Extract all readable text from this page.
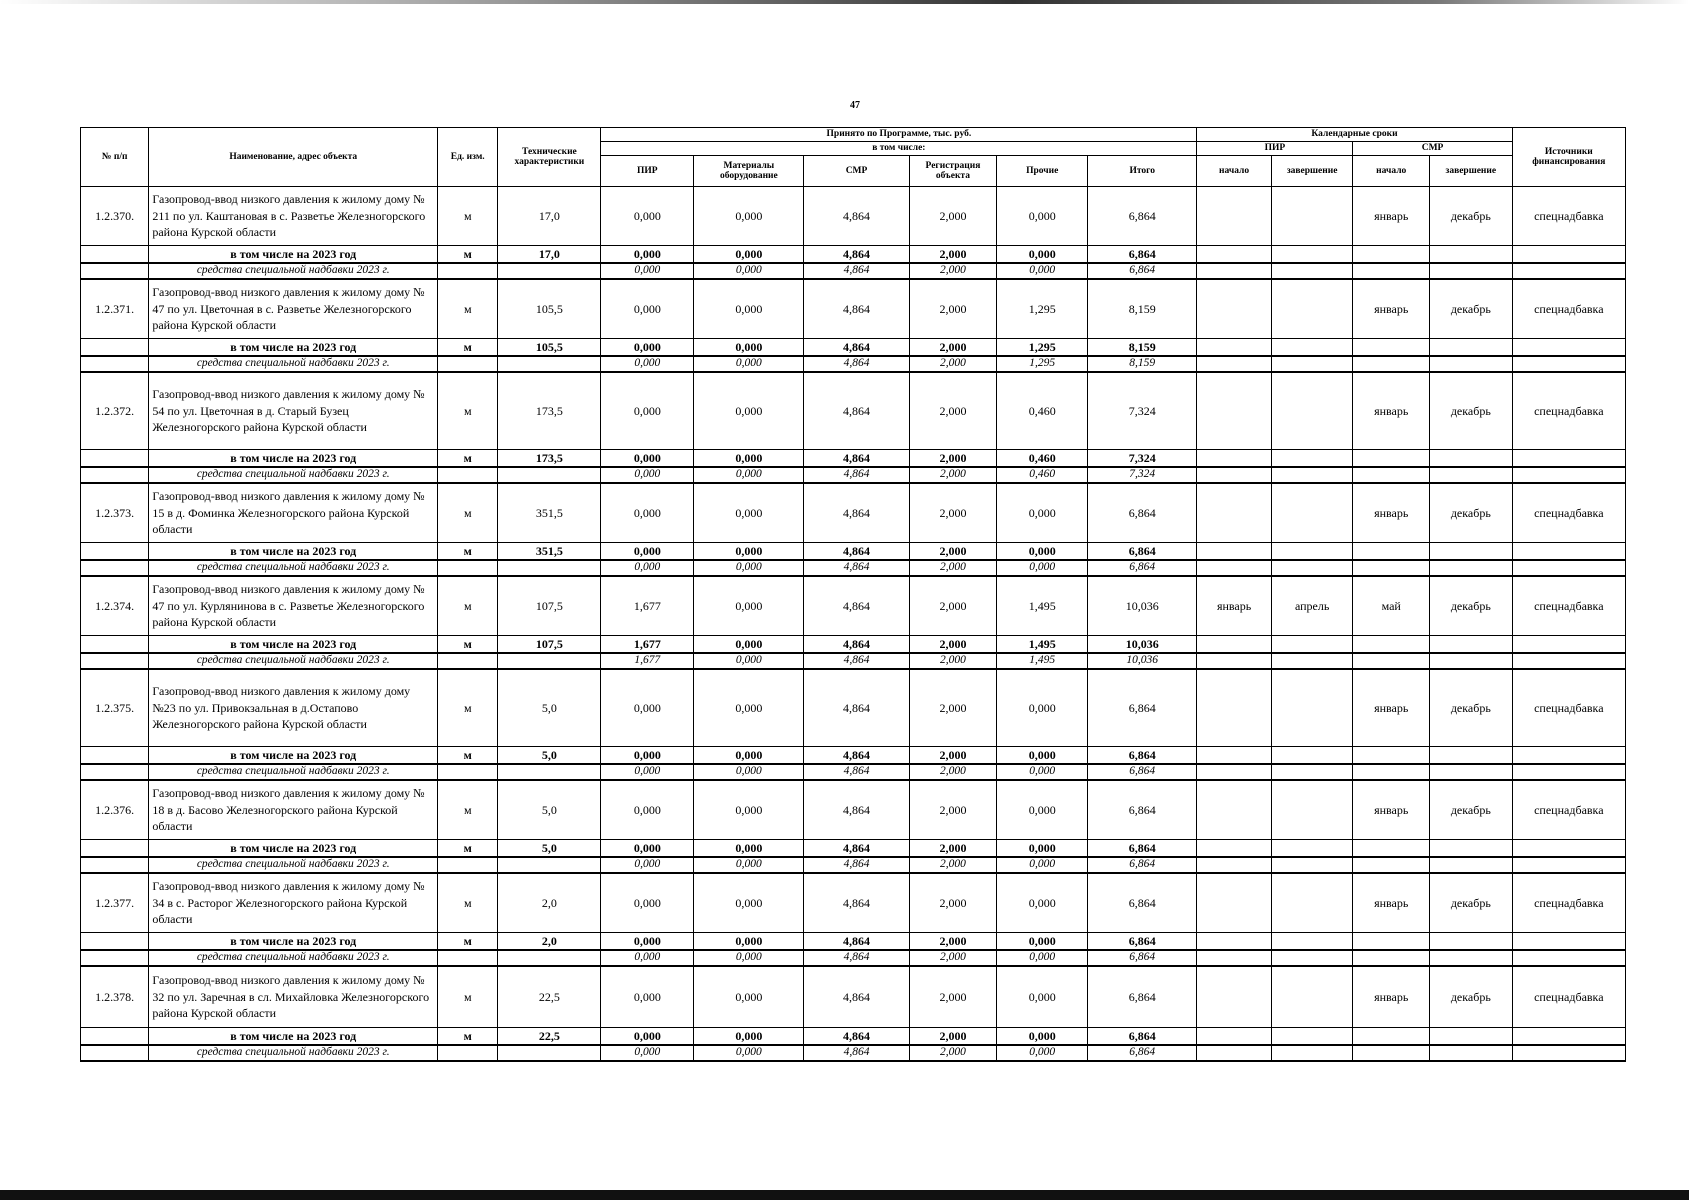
47
№ п/п	Наименование, адрес объекта	Ед. изм.	Технические характеристики	Принято по Программе, тыс. руб.						Календарные сроки				Источники финансирования
				в том числе:						ПИР		СМР		
				ПИР	Материалы оборудование	СМР	Регистрация объекта	Прочие	Итого	начало	завершение	начало	завершение	
1.2.370.	Газопровод-ввод низкого давления к жилому дому № 211 по ул. Каштановая в с. Разветье Железногорского района Курской области	м	17,0	0,000	0,000	4,864	2,000	0,000	6,864			январь	декабрь	спецнадбавка
	в том числе на 2023 год	м	17,0	0,000	0,000	4,864	2,000	0,000	6,864					
	средства специальной надбавки 2023 г.			0,000	0,000	4,864	2,000	0,000	6,864					
1.2.371.	Газопровод-ввод низкого давления к жилому дому № 47 по ул. Цветочная в с. Разветье Железногорского района Курской области	м	105,5	0,000	0,000	4,864	2,000	1,295	8,159			январь	декабрь	спецнадбавка
	в том числе на 2023 год	м	105,5	0,000	0,000	4,864	2,000	1,295	8,159					
	средства специальной надбавки 2023 г.			0,000	0,000	4,864	2,000	1,295	8,159					
1.2.372.	Газопровод-ввод низкого давления к жилому дому № 54 по ул. Цветочная в д. Старый Бузец Железногорского района Курской области	м	173,5	0,000	0,000	4,864	2,000	0,460	7,324			январь	декабрь	спецнадбавка
	в том числе на 2023 год	м	173,5	0,000	0,000	4,864	2,000	0,460	7,324					
	средства специальной надбавки 2023 г.			0,000	0,000	4,864	2,000	0,460	7,324					
1.2.373.	Газопровод-ввод низкого давления к жилому дому № 15 в д. Фоминка Железногорского района Курской области	м	351,5	0,000	0,000	4,864	2,000	0,000	6,864			январь	декабрь	спецнадбавка
	в том числе на 2023 год	м	351,5	0,000	0,000	4,864	2,000	0,000	6,864					
	средства специальной надбавки 2023 г.			0,000	0,000	4,864	2,000	0,000	6,864					
1.2.374.	Газопровод-ввод низкого давления к жилому дому № 47 по ул. Курлянинова в с. Разветье Железногорского района Курской области	м	107,5	1,677	0,000	4,864	2,000	1,495	10,036	январь	апрель	май	декабрь	спецнадбавка
	в том числе на 2023 год	м	107,5	1,677	0,000	4,864	2,000	1,495	10,036					
	средства специальной надбавки 2023 г.			1,677	0,000	4,864	2,000	1,495	10,036					
1.2.375.	Газопровод-ввод низкого давления к жилому дому №23 по ул. Привокзальная в д.Остапово Железногорского района Курской области	м	5,0	0,000	0,000	4,864	2,000	0,000	6,864			январь	декабрь	спецнадбавка
	в том числе на 2023 год	м	5,0	0,000	0,000	4,864	2,000	0,000	6,864					
	средства специальной надбавки 2023 г.			0,000	0,000	4,864	2,000	0,000	6,864					
1.2.376.	Газопровод-ввод низкого давления к жилому дому № 18 в д. Басово Железногорского района Курской области	м	5,0	0,000	0,000	4,864	2,000	0,000	6,864			январь	декабрь	спецнадбавка
	в том числе на 2023 год	м	5,0	0,000	0,000	4,864	2,000	0,000	6,864					
	средства специальной надбавки 2023 г.			0,000	0,000	4,864	2,000	0,000	6,864					
1.2.377.	Газопровод-ввод низкого давления к жилому дому № 34 в с. Расторог Железногорского района Курской области	м	2,0	0,000	0,000	4,864	2,000	0,000	6,864			январь	декабрь	спецнадбавка
	в том числе на 2023 год	м	2,0	0,000	0,000	4,864	2,000	0,000	6,864					
	средства специальной надбавки 2023 г.			0,000	0,000	4,864	2,000	0,000	6,864					
1.2.378.	Газопровод-ввод низкого давления к жилому дому № 32 по ул. Заречная в сл. Михайловка Железногорского района Курской области	м	22,5	0,000	0,000	4,864	2,000	0,000	6,864			январь	декабрь	спецнадбавка
	в том числе на 2023 год	м	22,5	0,000	0,000	4,864	2,000	0,000	6,864					
	средства специальной надбавки 2023 г.			0,000	0,000	4,864	2,000	0,000	6,864					
